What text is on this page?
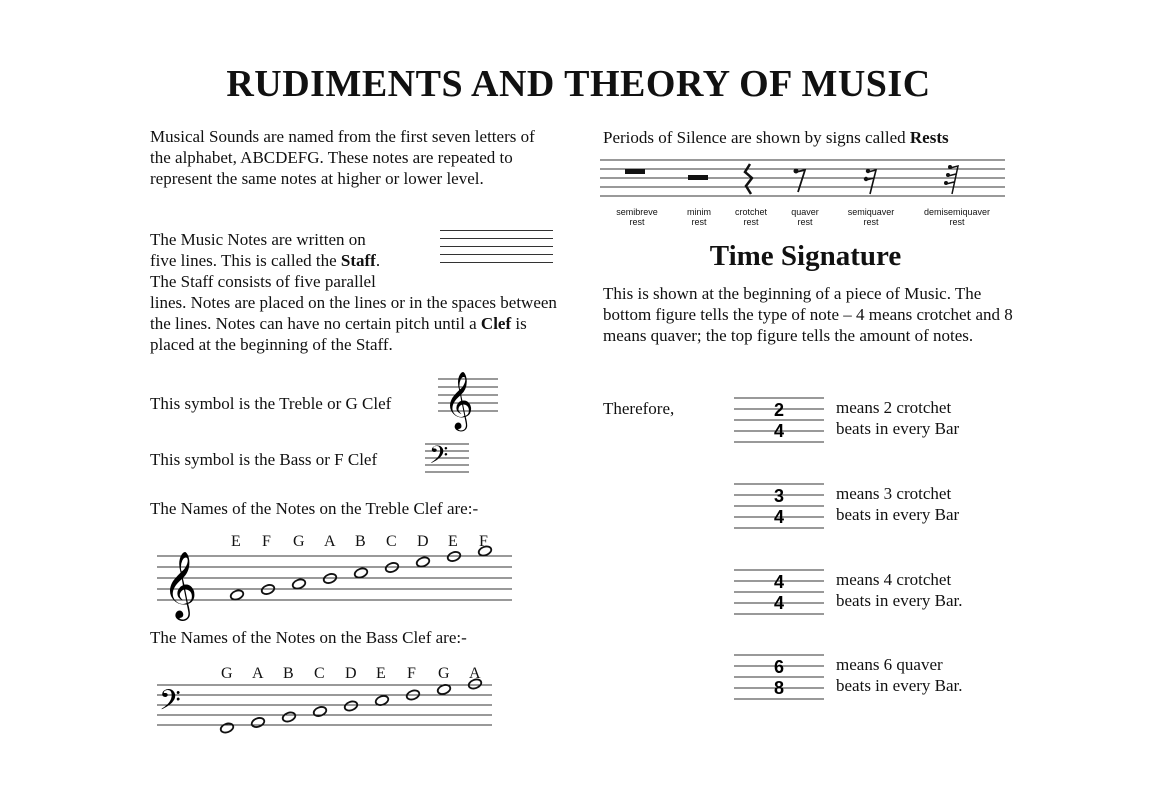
RUDIMENTS AND THEORY OF MUSIC
Musical Sounds are named from the first seven letters of the alphabet, ABCDEFG. These notes are repeated to represent the same notes at higher or lower level.
The Music Notes are written on
five lines. This is called the Staff.
The Staff consists of five parallel
lines. Notes are placed on the lines or in the spaces between the lines. Notes can have no certain pitch until a Clef is placed at the beginning of the Staff.
This symbol is the Treble or G Clef 𝄞
This symbol is the Bass or F Clef 𝄢
The Names of the Notes on the Treble Clef are:-
𝄞
E F G A B C D E F
The Names of the Notes on the Bass Clef are:-
𝄢
G A B C D E F G A
Periods of Silence are shown by signs called Rests
semibreve
rest
minim
rest
crotchet
rest
quaver
rest
semiquaver
rest
demisemiquaver
rest
Time Signature
This is shown at the beginning of a piece of Music. The bottom figure tells the type of note – 4 means crotchet and 8 means quaver; the top figure tells the amount of notes.
Therefore,	2
4
means 2 crotchet
beats in every Bar
3
4
means 3 crotchet
beats in every Bar
4
4
means 4 crotchet
beats in every Bar.
6
8
means 6 quaver
beats in every Bar.
